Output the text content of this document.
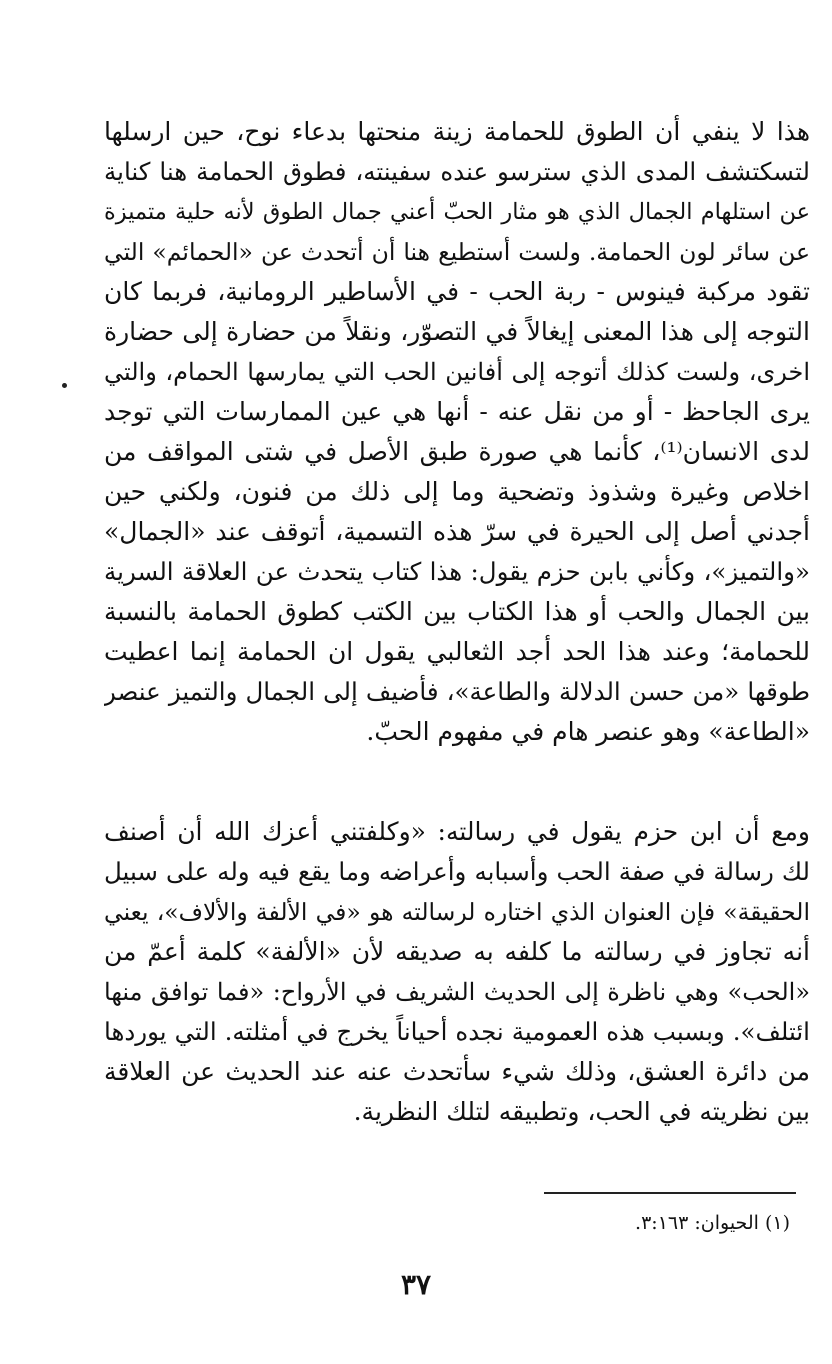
هذا لا ينفي أن الطوق للحمامة زينة منحتها بدعاء نوح، حين ارسلها
لتسكتشف المدى الذي سترسو عنده سفينته، فطوق الحمامة هنا كناية
عن استلهام الجمال الذي هو مثار الحبّ أعني جمال الطوق لأنه حلية متميزة
عن سائر لون الحمامة. ولست أستطيع هنا أن أتحدث عن «الحمائم» التي
تقود مركبة فينوس - ربة الحب - في الأساطير الرومانية، فربما كان
التوجه إلى هذا المعنى إيغالاً في التصوّر، ونقلاً من حضارة إلى حضارة
اخرى، ولست كذلك أتوجه إلى أفانين الحب التي يمارسها الحمام، والتي
يرى الجاحظ - أو من نقل عنه - أنها هي عين الممارسات التي توجد
لدى الانسان⁽¹⁾، كأنما هي صورة طبق الأصل في شتى المواقف من
اخلاص وغيرة وشذوذ وتضحية وما إلى ذلك من فنون، ولكني حين
أجدني أصل إلى الحيرة في سرّ هذه التسمية، أتوقف عند «الجمال»
«والتميز»، وكأني بابن حزم يقول: هذا كتاب يتحدث عن العلاقة السرية
بين الجمال والحب أو هذا الكتاب بين الكتب كطوق الحمامة بالنسبة
للحمامة؛ وعند هذا الحد أجد الثعالبي يقول ان الحمامة إنما اعطيت
طوقها «من حسن الدلالة والطاعة»، فأضيف إلى الجمال والتميز عنصر
«الطاعة» وهو عنصر هام في مفهوم الحبّ.
ومع أن ابن حزم يقول في رسالته: «وكلفتني أعزك الله أن أصنف
لك رسالة في صفة الحب وأسبابه وأعراضه وما يقع فيه وله على سبيل
الحقيقة» فإن العنوان الذي اختاره لرسالته هو «في الألفة والألاف»، يعني
أنه تجاوز في رسالته ما كلفه به صديقه لأن «الألفة» كلمة أعمّ من
«الحب» وهي ناظرة إلى الحديث الشريف في الأرواح: «فما توافق منها
ائتلف». وبسبب هذه العمومية نجده أحياناً يخرج في أمثلته. التي يوردها
من دائرة العشق، وذلك شيء سأتحدث عنه عند الحديث عن العلاقة
بين نظريته في الحب، وتطبيقه لتلك النظرية.
(١) الحيوان: ٣:١٦٣.
٣٧
